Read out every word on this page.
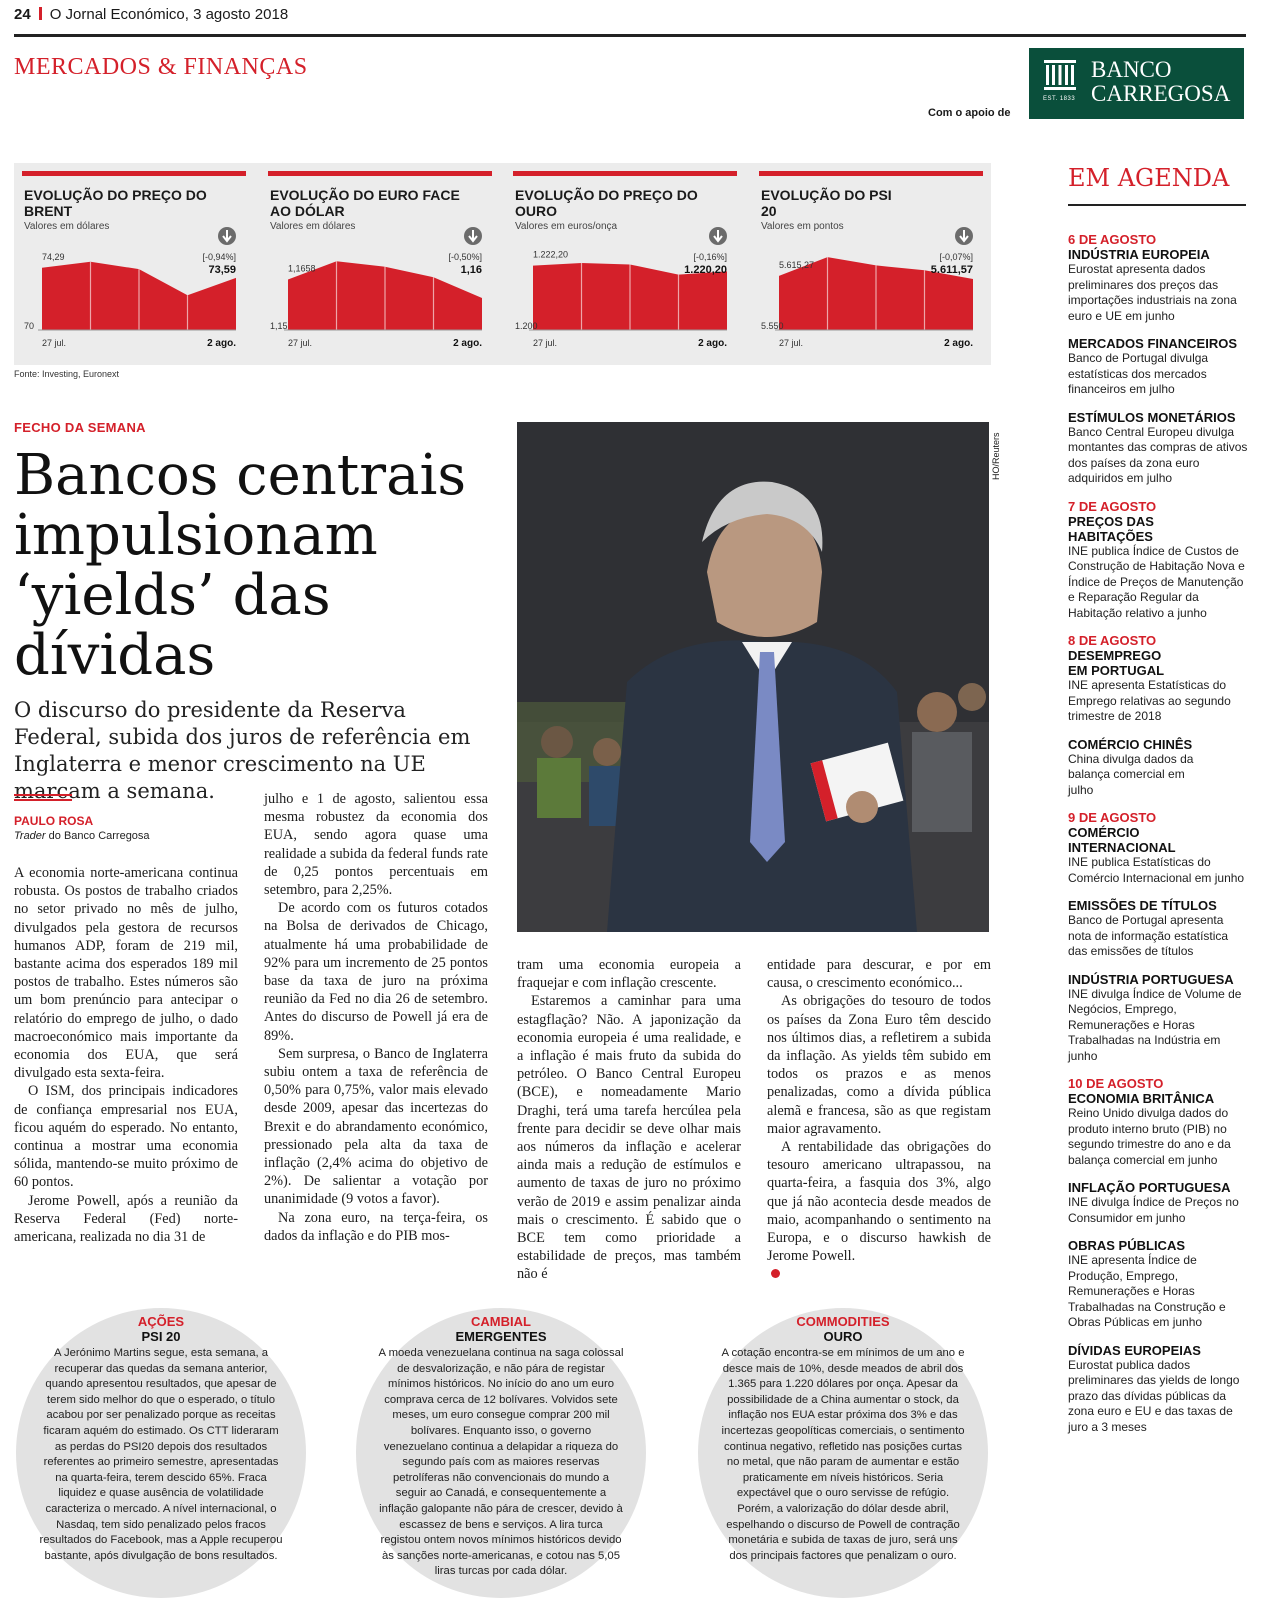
24 O Jornal Económico, 3 agosto 2018
MERCADOS & FINANÇAS
Com o apoio de
EST. 1833
BANCO
CARREGOSA
EVOLUÇÃO DO PREÇO DO BRENT
Valores em dólares
70
74,29	[-0,94%]
73,59
27 jul.	2 ago.
EVOLUÇÃO DO EURO FACE AO DÓLAR
Valores em dólares
1,15
1,1658
[-0,50%]
1,16
27 jul.	2 ago.
EVOLUÇÃO DO PREÇO DO OURO
Valores em euros/onça
1.200
1.222,20	[-0,16%]
1.220,20
27 jul.	2 ago.
EVOLUÇÃO DO PSI 20
Valores em pontos
5.550
5.615,27
[-0,07%]
5.611,57
27 jul.	2 ago.
Fonte: Investing, Euronext
FECHO DA SEMANA
Bancos centrais impulsionam ‘yields’ das dívidas
O discurso do presidente da Reserva Federal, subida dos juros de referência em Inglaterra e menor crescimento na UE marcam a semana.
PAULO ROSA
Trader do Banco Carregosa
HO/Reuters

A economia norte-americana continua robusta. Os postos de trabalho criados no setor privado no mês de julho, divulgados pela gestora de recursos humanos ADP, foram de 219 mil, bastante acima dos esperados 189 mil postos de trabalho. Estes números são um bom prenúncio para antecipar o relatório do emprego de julho, o dado macroeconómico mais importante da economia dos EUA, que será divulgado esta sexta-feira.

O ISM, dos principais indicadores de confiança empresarial nos EUA, ficou aquém do esperado. No entanto, continua a mostrar uma economia sólida, mantendo-se muito próximo de 60 pontos.

Jerome Powell, após a reunião da Reserva Federal (Fed) norte-americana, realizada no dia 31 de

julho e 1 de agosto, salientou essa mesma robustez da economia dos EUA, sendo agora quase uma realidade a subida da federal funds rate de 0,25 pontos percentuais em setembro, para 2,25%.

De acordo com os futuros cotados na Bolsa de derivados de Chicago, atualmente há uma probabilidade de 92% para um incremento de 25 pontos base da taxa de juro na próxima reunião da Fed no dia 26 de setembro. Antes do discurso de Powell já era de 89%.

Sem surpresa, o Banco de Inglaterra subiu ontem a taxa de referência de 0,50% para 0,75%, valor mais elevado desde 2009, apesar das incertezas do Brexit e do abrandamento económico, pressionado pela alta da taxa de inflação (2,4% acima do objetivo de 2%). De salientar a votação por unanimidade (9 votos a favor).

Na zona euro, na terça-feira, os dados da inflação e do PIB mos-

tram uma economia europeia a fraquejar e com inflação crescente.

Estaremos a caminhar para uma estagflação? Não. A japonização da economia europeia é uma realidade, e a inflação é mais fruto da subida do petróleo. O Banco Central Europeu (BCE), e nomeadamente Mario Draghi, terá uma tarefa hercúlea pela frente para decidir se deve olhar mais aos números da inflação e acelerar ainda mais a redução de estímulos e aumento de taxas de juro no próximo verão de 2019 e assim penalizar ainda mais o crescimento. É sabido que o BCE tem como prioridade a estabilidade de preços, mas também não é

entidade para descurar, e por em causa, o crescimento económico...

As obrigações do tesouro de todos os países da Zona Euro têm descido nos últimos dias, a refletirem a subida da inflação. As yields têm subido em todos os prazos e as menos penalizadas, como a dívida pública alemã e francesa, são as que registam maior agravamento.

A rentabilidade das obrigações do tesouro americano ultrapassou, na quarta-feira, a fasquia dos 3%, algo que já não acontecia desde meados de maio, acompanhando o sentimento na Europa, e o discurso hawkish de Jerome Powell.

AÇÕES
PSI 20
A Jerónimo Martins segue, esta semana, a recuperar das quedas da semana anterior, quando apresentou resultados, que apesar de terem sido melhor do que o esperado, o título acabou por ser penalizado porque as receitas ficaram aquém do estimado. Os CTT lideraram as perdas do PSI20 depois dos resultados referentes ao primeiro semestre, apresentadas na quarta-feira, terem descido 65%. Fraca liquidez e quase ausência de volatilidade caracteriza o mercado. A nível internacional, o Nasdaq, tem sido penalizado pelos fracos resultados do Facebook, mas a Apple recuperou bastante, após divulgação de bons resultados.
CAMBIAL
EMERGENTES
A moeda venezuelana continua na saga colossal de desvalorização, e não pára de registar mínimos históricos. No início do ano um euro comprava cerca de 12 bolívares. Volvidos sete meses, um euro consegue comprar 200 mil bolívares. Enquanto isso, o governo venezuelano continua a delapidar a riqueza do segundo país com as maiores reservas petrolíferas não convencionais do mundo a seguir ao Canadá, e consequentemente a inflação galopante não pára de crescer, devido à escassez de bens e serviços. A lira turca registou ontem novos mínimos históricos devido às sanções norte-americanas, e cotou nas 5,05 liras turcas por cada dólar.
COMMODITIES
OURO
A cotação encontra-se em mínimos de um ano e desce mais de 10%, desde meados de abril dos 1.365 para 1.220 dólares por onça. Apesar da possibilidade de a China aumentar o stock, da inflação nos EUA estar próxima dos 3% e das incertezas geopolíticas comerciais, o sentimento continua negativo, refletido nas posições curtas no metal, que não param de aumentar e estão praticamente em níveis históricos. Seria expectável que o ouro servisse de refúgio. Porém, a valorização do dólar desde abril, espelhando o discurso de Powell de contração monetária e subida de taxas de juro, será uns dos principais factores que penalizam o ouro.
EM AGENDA
6 DE AGOSTO
INDÚSTRIA EUROPEIA
Eurostat apresenta dados preliminares dos preços das importações industriais na zona euro e UE em junho
MERCADOS FINANCEIROS
Banco de Portugal divulga estatísticas dos mercados financeiros em julho
ESTÍMULOS MONETÁRIOS
Banco Central Europeu divulga montantes das compras de ativos dos países da zona euro adquiridos em julho
7 DE AGOSTO
PREÇOS DAS HABITAÇÕES
INE publica Índice de Custos de Construção de Habitação Nova e Índice de Preços de Manutenção e Reparação Regular da Habitação relativo a junho
8 DE AGOSTO
DESEMPREGO EM PORTUGAL
INE apresenta Estatísticas do Emprego relativas ao segundo trimestre de 2018
COMÉRCIO CHINÊS
China divulga dados da balança comercial em julho
9 DE AGOSTO
COMÉRCIO INTERNACIONAL
INE publica Estatísticas do Comércio Internacional em junho
EMISSÕES DE TÍTULOS
Banco de Portugal apresenta nota de informação estatística das emissões de títulos
INDÚSTRIA PORTUGUESA
INE divulga Índice de Volume de Negócios, Emprego, Remunerações e Horas Trabalhadas na Indústria em junho
10 DE AGOSTO
ECONOMIA BRITÂNICA
Reino Unido divulga dados do produto interno bruto (PIB) no segundo trimestre do ano e da balança comercial em junho
INFLAÇÃO PORTUGUESA
INE divulga Índice de Preços no Consumidor em junho
OBRAS PÚBLICAS
INE apresenta Índice de Produção, Emprego, Remunerações e Horas Trabalhadas na Construção e Obras Públicas em junho
DÍVIDAS EUROPEIAS
Eurostat publica dados preliminares das yields de longo prazo das dívidas públicas da zona euro e EU e das taxas de juro a 3 meses
